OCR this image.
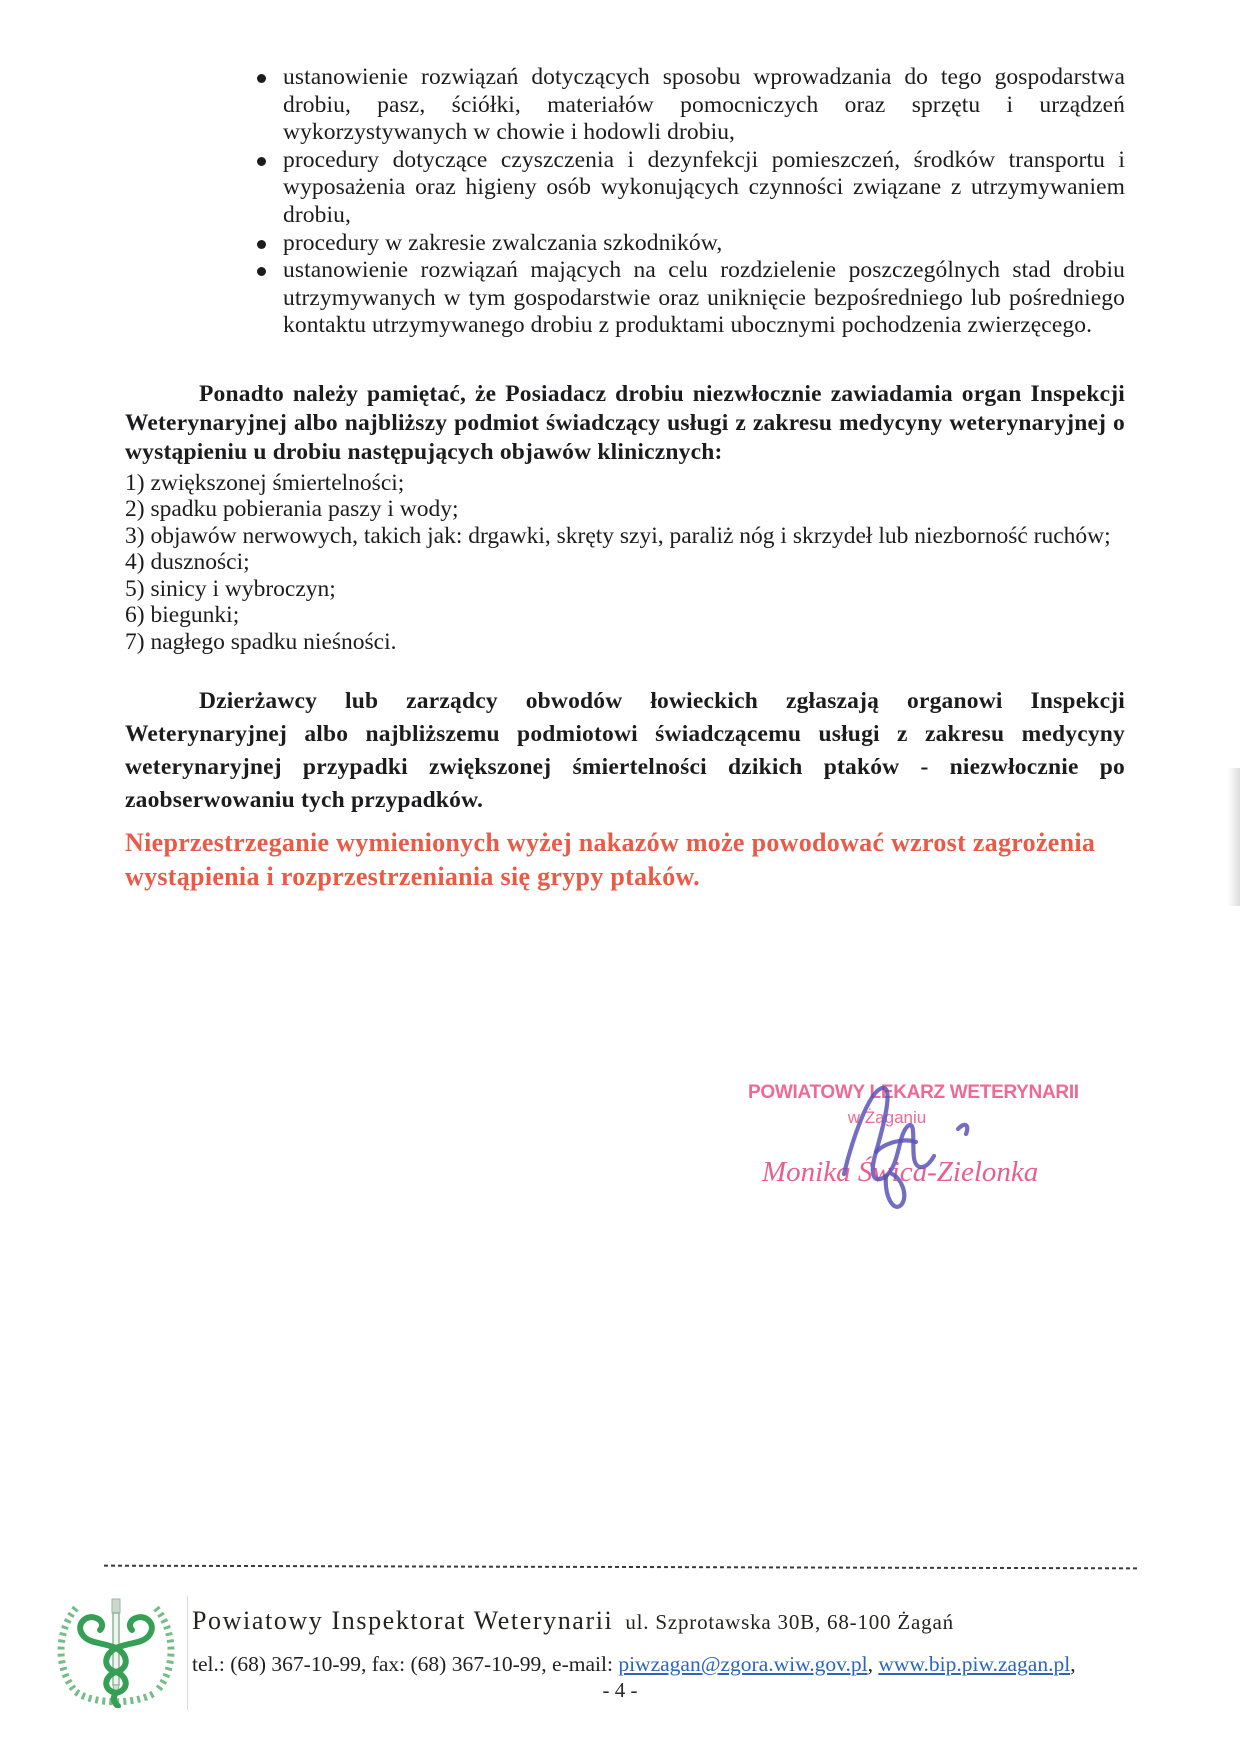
ustanowienie rozwiązań dotyczących sposobu wprowadzania do tego gospodarstwa drobiu, pasz, ściółki, materiałów pomocniczych oraz sprzętu i urządzeń wykorzystywanych w chowie i hodowli drobiu,
procedury dotyczące czyszczenia i dezynfekcji pomieszczeń, środków transportu i wyposażenia oraz higieny osób wykonujących czynności związane z utrzymywaniem drobiu,
procedury w zakresie zwalczania szkodników,
ustanowienie rozwiązań mających na celu rozdzielenie poszczególnych stad drobiu utrzymywanych w tym gospodarstwie oraz uniknięcie bezpośredniego lub pośredniego kontaktu utrzymywanego drobiu z produktami ubocznymi pochodzenia zwierzęcego.

Ponadto należy pamiętać, że Posiadacz drobiu niezwłocznie zawiadamia organ Inspekcji Weterynaryjnej albo najbliższy podmiot świadczący usługi z zakresu medycyny weterynaryjnej o wystąpieniu u drobiu następujących objawów klinicznych:

1) zwiększonej śmiertelności;
2) spadku pobierania paszy i wody;
3) objawów nerwowych, takich jak: drgawki, skręty szyi, paraliż nóg i skrzydeł lub niezborność ruchów;
4) duszności;
5) sinicy i wybroczyn;
6) biegunki;
7) nagłego spadku nieśności.

Dzierżawcy lub zarządcy obwodów łowieckich zgłaszają organowi Inspekcji Weterynaryjnej albo najbliższemu podmiotowi świadczącemu usługi z zakresu medycyny weterynaryjnej przypadki zwiększonej śmiertelności dzikich ptaków - niezwłocznie po zaobserwowaniu tych przypadków.

Nieprzestrzeganie wymienionych wyżej nakazów może powodować wzrost zagrożenia wystąpienia i rozprzestrzeniania się grypy ptaków.

POWIATOWY LEKARZ WETERYNARII
w Żaganiu
Monika Świca-Zielonka
Powiatowy Inspektorat Weterynarii ul. Szprotawska 30B, 68-100 Żagań
tel.: (68) 367-10-99, fax: (68) 367-10-99, e-mail: piwzagan@zgora.wiw.gov.pl, www.bip.piw.zagan.pl,
- 4 -
